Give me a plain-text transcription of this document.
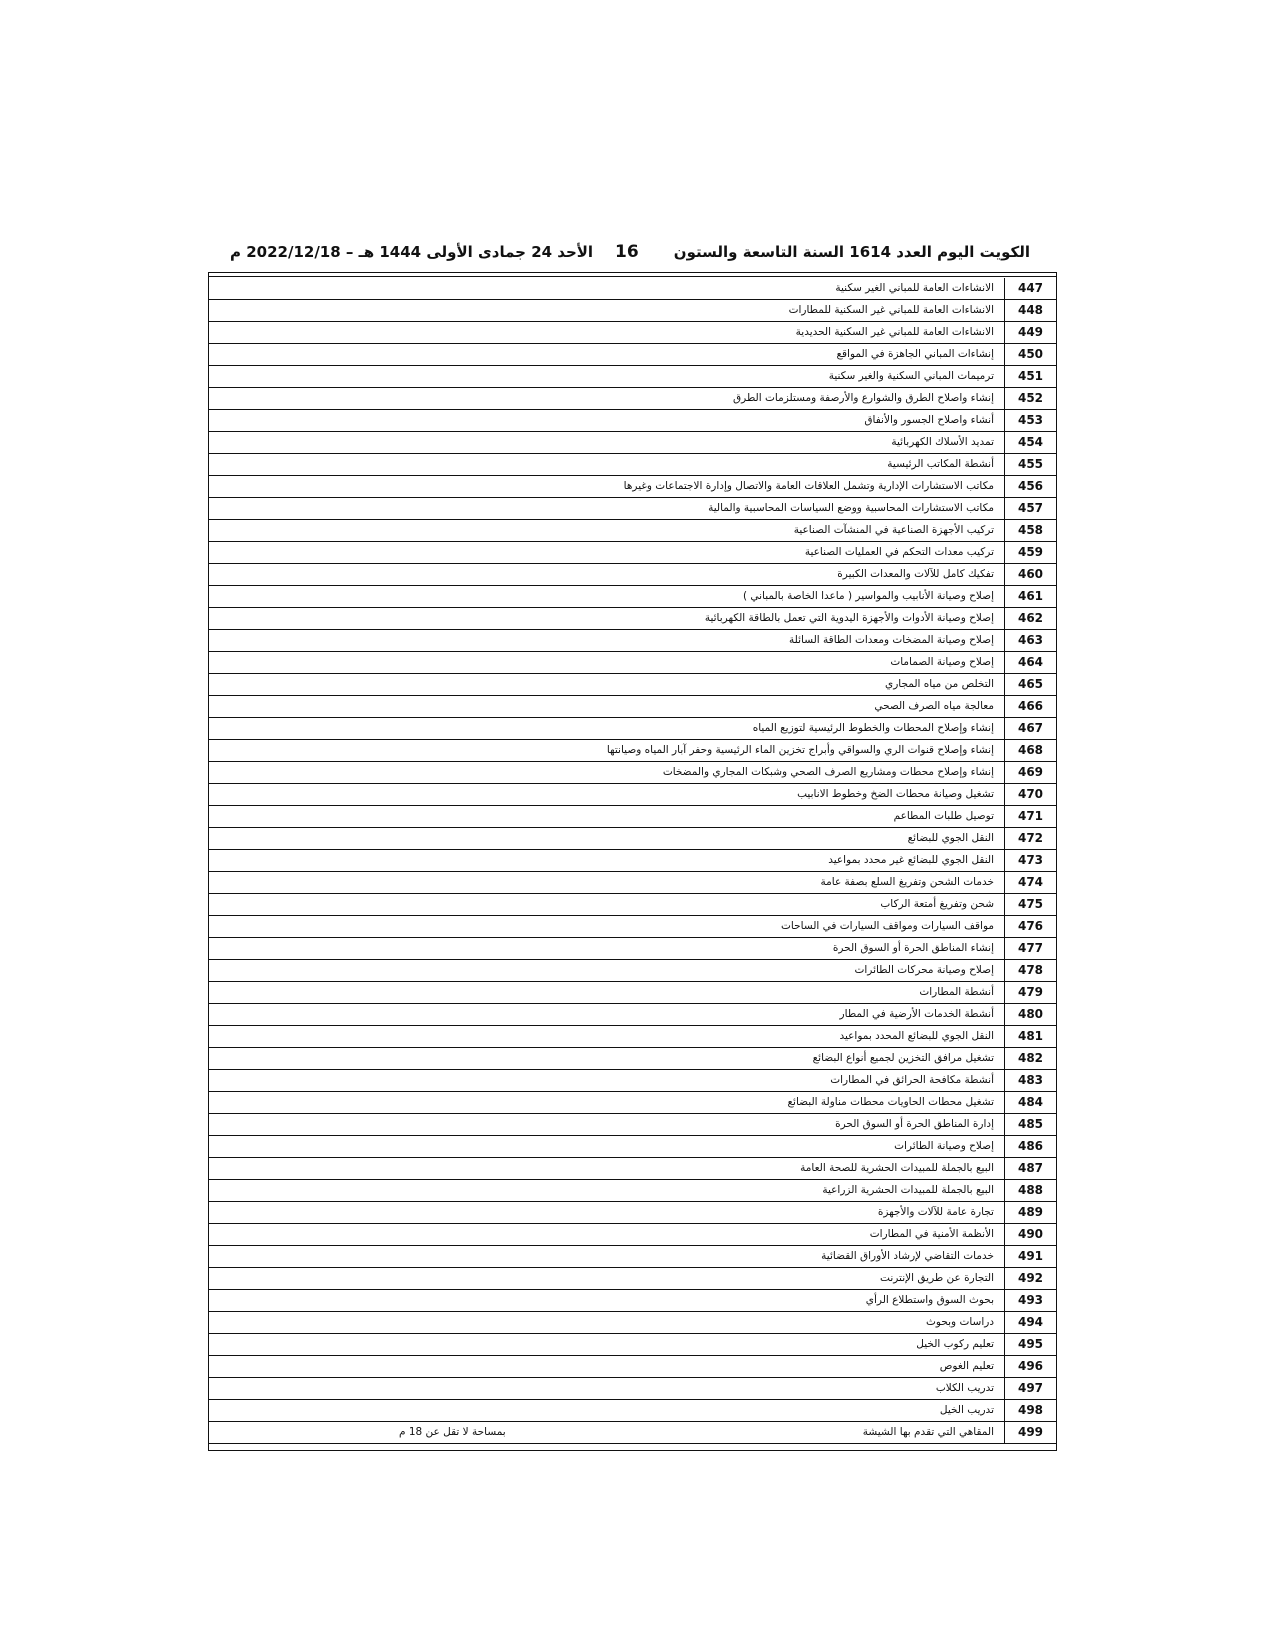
الكويت اليوم العدد 1614 السنة التاسعة والستون
16
الأحد 24 جمادى الأولى 1444 هـ – 2022/12/18 م
447	الانشاءات العامة للمباني الغير سكنية
448	الانشاءات العامة للمباني غير السكنية للمطارات
449	الانشاءات العامة للمباني غير السكنية الحديدية
450	إنشاءات المباني الجاهزة في المواقع
451	ترميمات المباني السكنية والغير سكنية
452	إنشاء واصلاح الطرق والشوارع والأرصفة ومستلزمات الطرق
453	أنشاء واصلاح الجسور والأنفاق
454	تمديد الأسلاك الكهربائية
455	أنشطة المكاتب الرئيسية
456	مكاتب الاستشارات الإدارية وتشمل العلاقات العامة والاتصال وإدارة الاجتماعات وغيرها
457	مكاتب الاستشارات المحاسبية ووضع السياسات المحاسبية والمالية
458	تركيب الأجهزة الصناعية في المنشآت الصناعية
459	تركيب معدات التحكم في العمليات الصناعية
460	تفكيك كامل للآلات والمعدات الكبيرة
461	إصلاح وصيانة الأنابيب والمواسير ( ماعدا الخاصة بالمباني )
462	إصلاح وصيانة الأدوات والأجهزة اليدوية التي تعمل بالطاقة الكهربائية
463	إصلاح وصيانة المضخات ومعدات الطاقة السائلة
464	إصلاح وصيانة الصمامات
465	التخلص من مياه المجاري
466	معالجة مياه الصرف الصحي
467	إنشاء وإصلاح المحطات والخطوط الرئيسية لتوزيع المياه
468	إنشاء وإصلاح قنوات الري والسواقي وأبراج تخزين الماء الرئيسية وحفر آبار المياه وصيانتها
469	إنشاء وإصلاح محطات ومشاريع الصرف الصحي وشبكات المجاري والمضخات
470	تشغيل وصيانة محطات الضخ وخطوط الانابيب
471	توصيل طلبات المطاعم
472	النقل الجوي للبضائع
473	النقل الجوي للبضائع غير محدد بمواعيد
474	خدمات الشحن وتفريغ السلع بصفة عامة
475	شحن وتفريغ أمتعة الركاب
476	مواقف السيارات ومواقف السيارات في الساحات
477	إنشاء المناطق الحرة أو السوق الحرة
478	إصلاح وصيانة محركات الطائرات
479	أنشطة المطارات
480	أنشطة الخدمات الأرضية في المطار
481	النقل الجوي للبضائع المحدد بمواعيد
482	تشغيل مرافق التخزين لجميع أنواع البضائع
483	أنشطة مكافحة الحرائق في المطارات
484	تشغيل محطات الحاويات محطات مناولة البضائع
485	إدارة المناطق الحرة أو السوق الحرة
486	إصلاح وصيانة الطائرات
487	البيع بالجملة للمبيدات الحشرية للصحة العامة
488	البيع بالجملة للمبيدات الحشرية الزراعية
489	تجارة عامة للآلات والأجهزة
490	الأنظمة الأمنية في المطارات
491	خدمات التقاضي لإرشاد الأوراق القضائية
492	التجارة عن طريق الإنترنت
493	بحوث السوق واستطلاع الرأي
494	دراسات وبحوث
495	تعليم ركوب الخيل
496	تعليم الغوص
497	تدريب الكلاب
498	تدريب الخيل
499	المقاهي التي تقدم بها الشيشة
بمساحة لا تقل عن 18 م
